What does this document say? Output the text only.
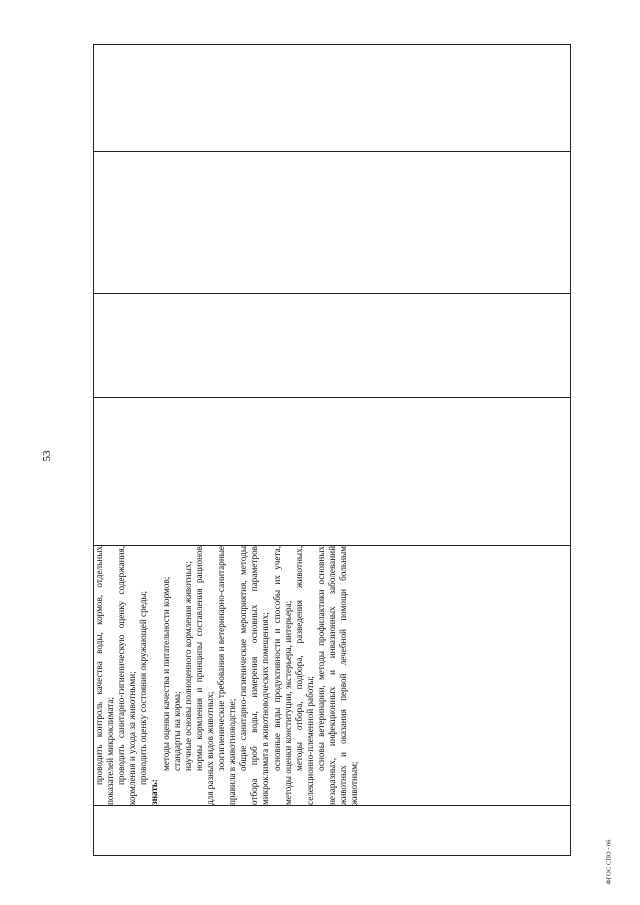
53

проводить контроль качества воды, кормов, отдельных показателей микроклимата; проводить санитарно-гигиеническую оценку содержания, кормления и ухода за животными; проводить оценку состояния окружающей среды;

знать:

методы оценки качества и питательности кормов; стандарты на корма; научные основы полноценного кормления животных; нормы кормления и принципы составления рационов для разных видов животных; зоогигиенические требования и ветеринарно-санитарные правила в животноводстве; общие санитарно-гигиенические мероприятия, методы отбора проб воды, измерения основных параметров микроклимата в животноводческих помещениях; основные виды продуктивности и способы их учета, методы оценки конституции, экстерьера, интерьера; методы отбора, подбора, разведения животных, селекционно-племенной работы; основы ветеринарии, методы профилактики основных незаразных, инфекционных и инвазионных заболеваний животных и оказания первой лечебной помощи больным животным;

ФГОС СПО - 06
